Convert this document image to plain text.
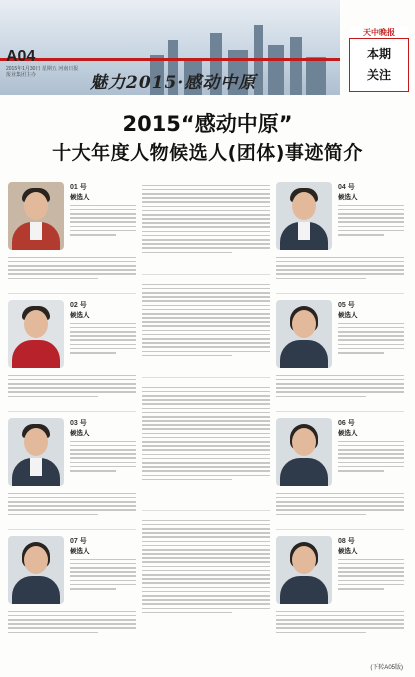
A04
2015年1月30日 星期五 河南日报报业集团主办	魅力2015·感动中原
天中晚报
本期
关注
2015“感动中原”
十大年度人物候选人(团体)事迹简介
01 号
候选人
02 号
候选人
03 号
候选人
07 号
候选人
04 号
候选人
05 号
候选人
06 号
候选人
08 号
候选人
(下转A05版)
